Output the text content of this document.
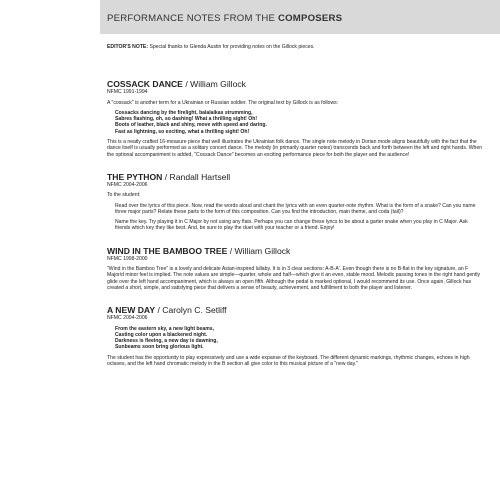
PERFORMANCE NOTES FROM THE COMPOSERS

EDITOR'S NOTE: Special thanks to Glenda Austin for providing notes on the Gillock pieces.

COSSACK DANCE / William Gillock

NFMC 1991-1994

A "cossack" is another term for a Ukrainian or Russian soldier. The original text by Gillock is as follows:

Cossacks dancing by the firelight, balalaikas strumming,
Sabres flashing, oh, so dashing! What a thrilling sight! Oh!
Boots of leather, black and shiny, move with speed and daring.
Fast as lightning, so exciting, what a thrilling sight! Oh!

This is a neatly crafted 16-measure piece that well illustrates the Ukrainian folk dance. The single note melody in Dorian mode aligns beautifully with the fact that the dance itself is usually performed as a solitary concert dance. The melody (in primarily quarter notes) transcends back and forth between the left and right hands. When the optional accompaniment is added, "Cossack Dance" becomes an exciting performance piece for both the player and the audience!

THE PYTHON / Randall Hartsell

NFMC 2004-2006

To the student:

Read over the lyrics of this piece. Now, read the words aloud and chant the lyrics with an even quarter-note rhythm. What is the form of a snake? Can you name three major parts? Relate these parts to the form of this composition. Can you find the introduction, main theme, and coda (tail)?

Name the key. Try playing it in C Major by not using any flats. Perhaps you can change these lyrics to be about a garter snake when you play in C Major. Ask friends which key they like best. And, be sure to play the duet with your teacher or a friend. Enjoy!

WIND IN THE BAMBOO TREE / William Gillock

NFMC 1998-2000

"Wind in the Bamboo Tree" is a lovely and delicate Asian-inspired lullaby. It is in 3 clear sections: A-B-A'. Even though there is no B-flat in the key signature, an F Major/d minor feel is implied. The note values are simple—quarter, whole and half—which give it an even, stable mood. Melodic passing tones in the right hand gently glide over the left hand accompaniment, which is always an open fifth. Although the pedal is marked optional, I would recommend its use. Once again, Gillock has created a short, simple, and satisfying piece that delivers a sense of beauty, achievement, and fulfillment to both the player and listener.

A NEW DAY / Carolyn C. Setliff

NFMC 2004-2006

From the eastern sky, a new light beams,
Casting color upon a blackened night.
Darkness is fleeing, a new day is dawning,
Sunbeams soon bring glorious light.

The student has the opportunity to play expressively and use a wide expanse of the keyboard. The different dynamic markings, rhythmic changes, echoes in high octaves, and the left hand chromatic melody in the B section all give color to this musical picture of a "new day."
